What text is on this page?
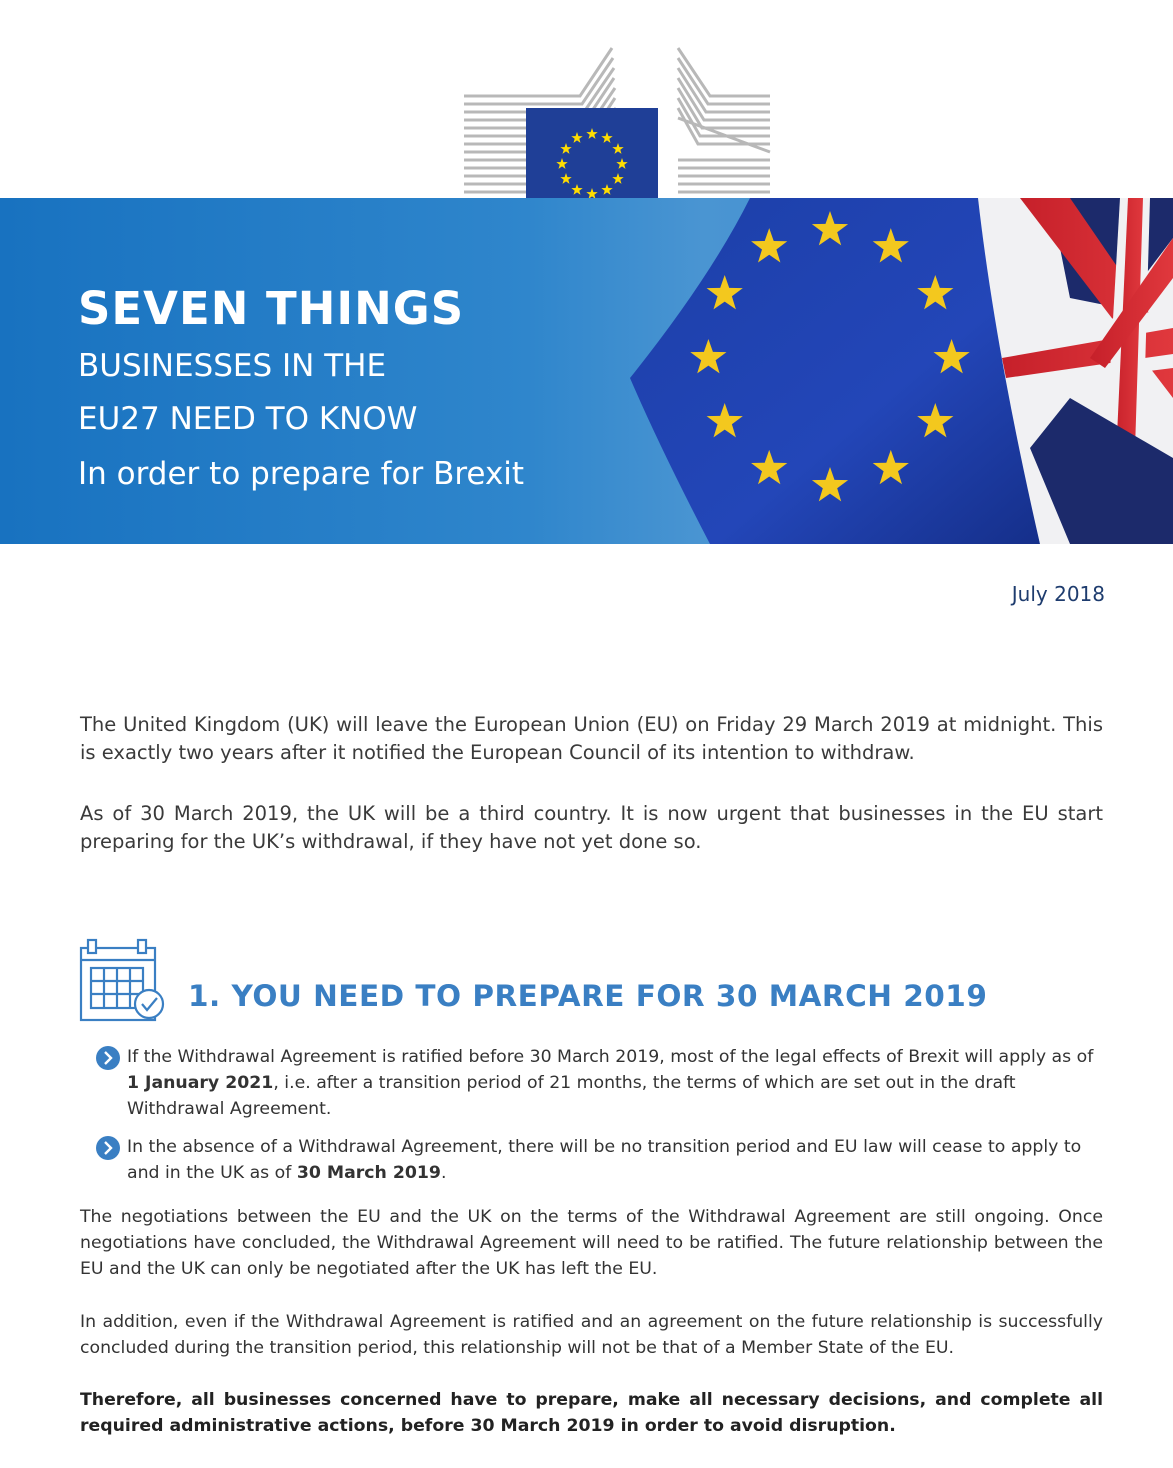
SEVEN THINGS
BUSINESSES IN THE
EU27 NEED TO KNOW
In order to prepare for Brexit
July 2018

The United Kingdom (UK) will leave the European Union (EU) on Friday 29 March 2019 at midnight. This is exactly two years after it notified the European Council of its intention to withdraw.

As of 30 March 2019, the UK will be a third country. It is now urgent that businesses in the EU start preparing for the UK’s withdrawal, if they have not yet done so.

1. YOU NEED TO PREPARE FOR 30 MARCH 2019

If the Withdrawal Agreement is ratified before 30 March 2019, most of the legal effects of Brexit will apply as of 1 January 2021, i.e. after a transition period of 21 months, the terms of which are set out in the draft Withdrawal Agreement.

In the absence of a Withdrawal Agreement, there will be no transition period and EU law will cease to apply to and in the UK as of 30 March 2019.

The negotiations between the EU and the UK on the terms of the Withdrawal Agreement are still ongoing. Once negotiations have concluded, the Withdrawal Agreement will need to be ratified. The future relationship between the EU and the UK can only be negotiated after the UK has left the EU.

In addition, even if the Withdrawal Agreement is ratified and an agreement on the future relationship is successfully concluded during the transition period, this relationship will not be that of a Member State of the EU.

Therefore, all businesses concerned have to prepare, make all necessary decisions, and complete all required administrative actions, before 30 March 2019 in order to avoid disruption.
